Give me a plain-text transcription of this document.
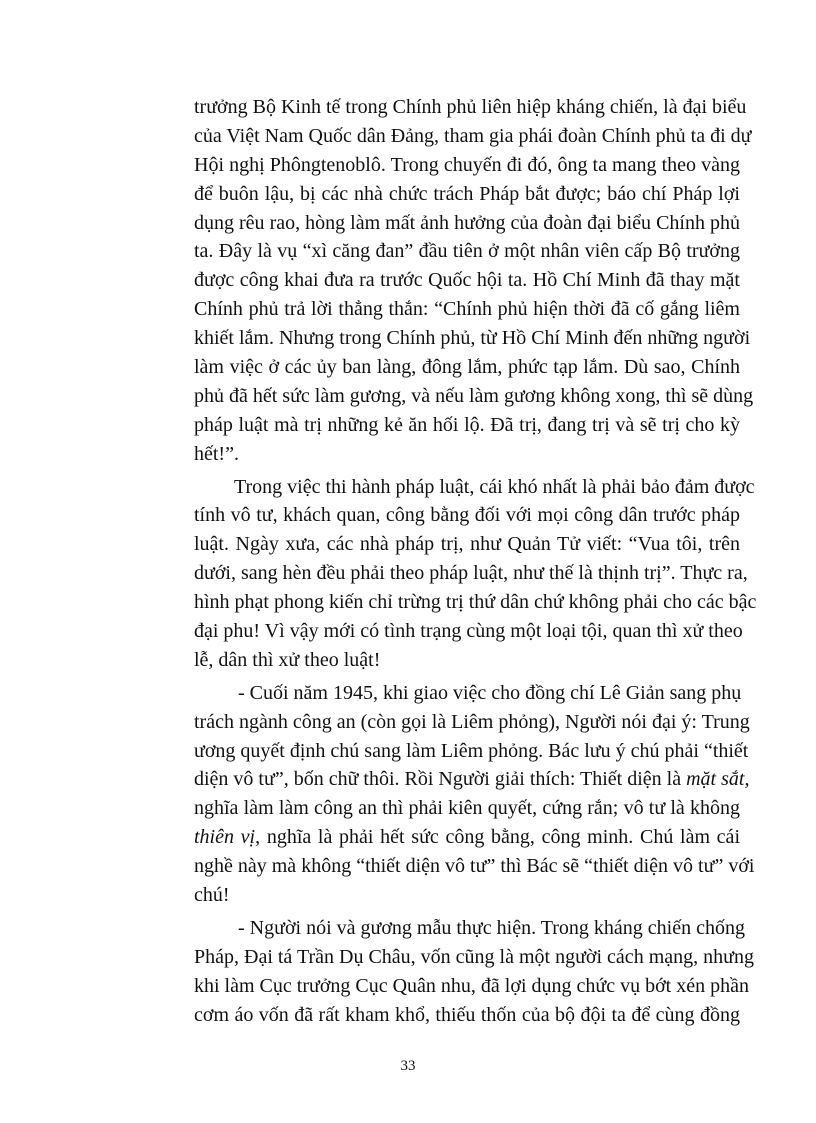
trưởng Bộ Kinh tế trong Chính phủ liên hiệp kháng chiến, là đại biểu
của Việt Nam Quốc dân Đảng, tham gia phái đoàn Chính phủ ta đi dự
Hội nghị Phôngtenoblô. Trong chuyến đi đó, ông ta mang theo vàng
để buôn lậu, bị các nhà chức trách Pháp bắt được; báo chí Pháp lợi
dụng rêu rao, hòng làm mất ảnh hưởng của đoàn đại biểu Chính phủ
ta. Đây là vụ “xì căng đan” đầu tiên ở một nhân viên cấp Bộ trưởng
được công khai đưa ra trước Quốc hội ta. Hồ Chí Minh đã thay mặt
Chính phủ trả lời thẳng thắn: “Chính phủ hiện thời đã cố gắng liêm
khiết lắm. Nhưng trong Chính phủ, từ Hồ Chí Minh đến những người
làm việc ở các ủy ban làng, đông lắm, phức tạp lắm. Dù sao, Chính
phủ đã hết sức làm gương, và nếu làm gương không xong, thì sẽ dùng
pháp luật mà trị những kẻ ăn hối lộ. Đã trị, đang trị và sẽ trị cho kỳ
hết!”.
Trong việc thi hành pháp luật, cái khó nhất là phải bảo đảm được
tính vô tư, khách quan, công bằng đối với mọi công dân trước pháp
luật. Ngày xưa, các nhà pháp trị, như Quản Tử viết: “Vua tôi, trên
dưới, sang hèn đều phải theo pháp luật, như thế là thịnh trị”. Thực ra,
hình phạt phong kiến chỉ trừng trị thứ dân chứ không phải cho các bậc
đại phu! Vì vậy mới có tình trạng cùng một loại tội, quan thì xử theo
lễ, dân thì xử theo luật!
- Cuối năm 1945, khi giao việc cho đồng chí Lê Giản sang phụ
trách ngành công an (còn gọi là Liêm phỏng), Người nói đại ý: Trung
ương quyết định chú sang làm Liêm phỏng. Bác lưu ý chú phải “thiết
diện vô tư”, bốn chữ thôi. Rồi Người giải thích: Thiết diện là mặt sắt,
nghĩa làm làm công an thì phải kiên quyết, cứng rắn; vô tư là không
thiên vị, nghĩa là phải hết sức công bằng, công minh. Chú làm cái
nghề này mà không “thiết diện vô tư” thì Bác sẽ “thiết diện vô tư” với
chú!
- Người nói và gương mẫu thực hiện. Trong kháng chiến chống
Pháp, Đại tá Trần Dụ Châu, vốn cũng là một người cách mạng, nhưng
khi làm Cục trưởng Cục Quân nhu, đã lợi dụng chức vụ bớt xén phần
cơm áo vốn đã rất kham khổ, thiếu thốn của bộ đội ta để cùng đồng
33
